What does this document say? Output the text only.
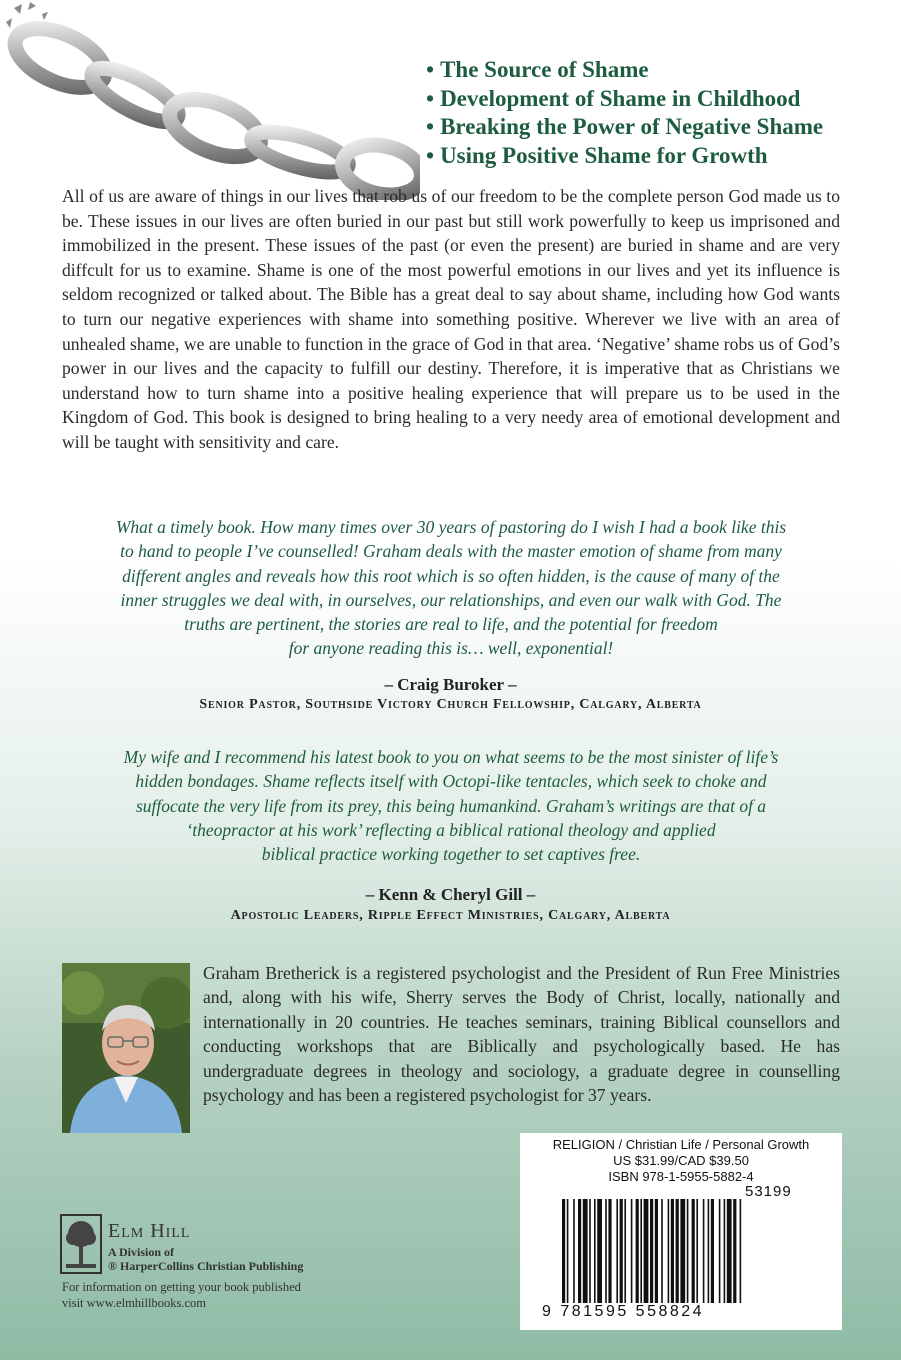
• The Source of Shame
• Development of Shame in Childhood
• Breaking the Power of Negative Shame
• Using Positive Shame for Growth

All of us are aware of things in our lives that rob us of our freedom to be the complete person God made us to be. These issues in our lives are often buried in our past but still work powerfully to keep us imprisoned and immobilized in the present. These issues of the past (or even the present) are buried in shame and are very diffcult for us to examine. Shame is one of the most powerful emotions in our lives and yet its influence is seldom recognized or talked about. The Bible has a great deal to say about shame, including how God wants to turn our negative experiences with shame into something positive. Wherever we live with an area of unhealed shame, we are unable to function in the grace of God in that area. ‘Negative’ shame robs us of God’s power in our lives and the capacity to fulfill our destiny. Therefore, it is imperative that as Christians we understand how to turn shame into a positive healing experience that will prepare us to be used in the Kingdom of God. This book is designed to bring healing to a very needy area of emotional development and will be taught with sensitivity and care.

What a timely book. How many times over 30 years of pastoring do I wish I had a book like this
to hand to people I’ve counselled! Graham deals with the master emotion of shame from many
different angles and reveals how this root which is so often hidden, is the cause of many of the
inner struggles we deal with, in ourselves, our relationships, and even our walk with God. The
truths are pertinent, the stories are real to life, and the potential for freedom
for anyone reading this is… well, exponential!
– Craig Buroker –
Senior Pastor, Southside Victory Church Fellowship, Calgary, Alberta
My wife and I recommend his latest book to you on what seems to be the most sinister of life’s
hidden bondages. Shame reflects itself with Octopi-like tentacles, which seek to choke and
suffocate the very life from its prey, this being humankind. Graham’s writings are that of a
‘theopractor at his work’ reflecting a biblical rational theology and applied
biblical practice working together to set captives free.
– Kenn & Cheryl Gill –
Apostolic Leaders, Ripple Effect Ministries, Calgary, Alberta

Graham Bretherick is a registered psychologist and the President of Run Free Ministries and, along with his wife, Sherry serves the Body of Christ, locally, nationally and internationally in 20 countries. He teaches seminars, training Biblical counsellors and conducting workshops that are Biblically and psychologically based. He has undergraduate degrees in theology and sociology, a graduate degree in counselling psychology and has been a registered psychologist for 37 years.

Elm Hill
A Division of
® HarperCollins Christian Publishing
For information on getting your book published
visit www.elmhillbooks.com
RELIGION / Christian Life / Personal Growth
US $31.99/CAD $39.50
ISBN 978-1-5955-5882-4
53199
9 781595 558824
